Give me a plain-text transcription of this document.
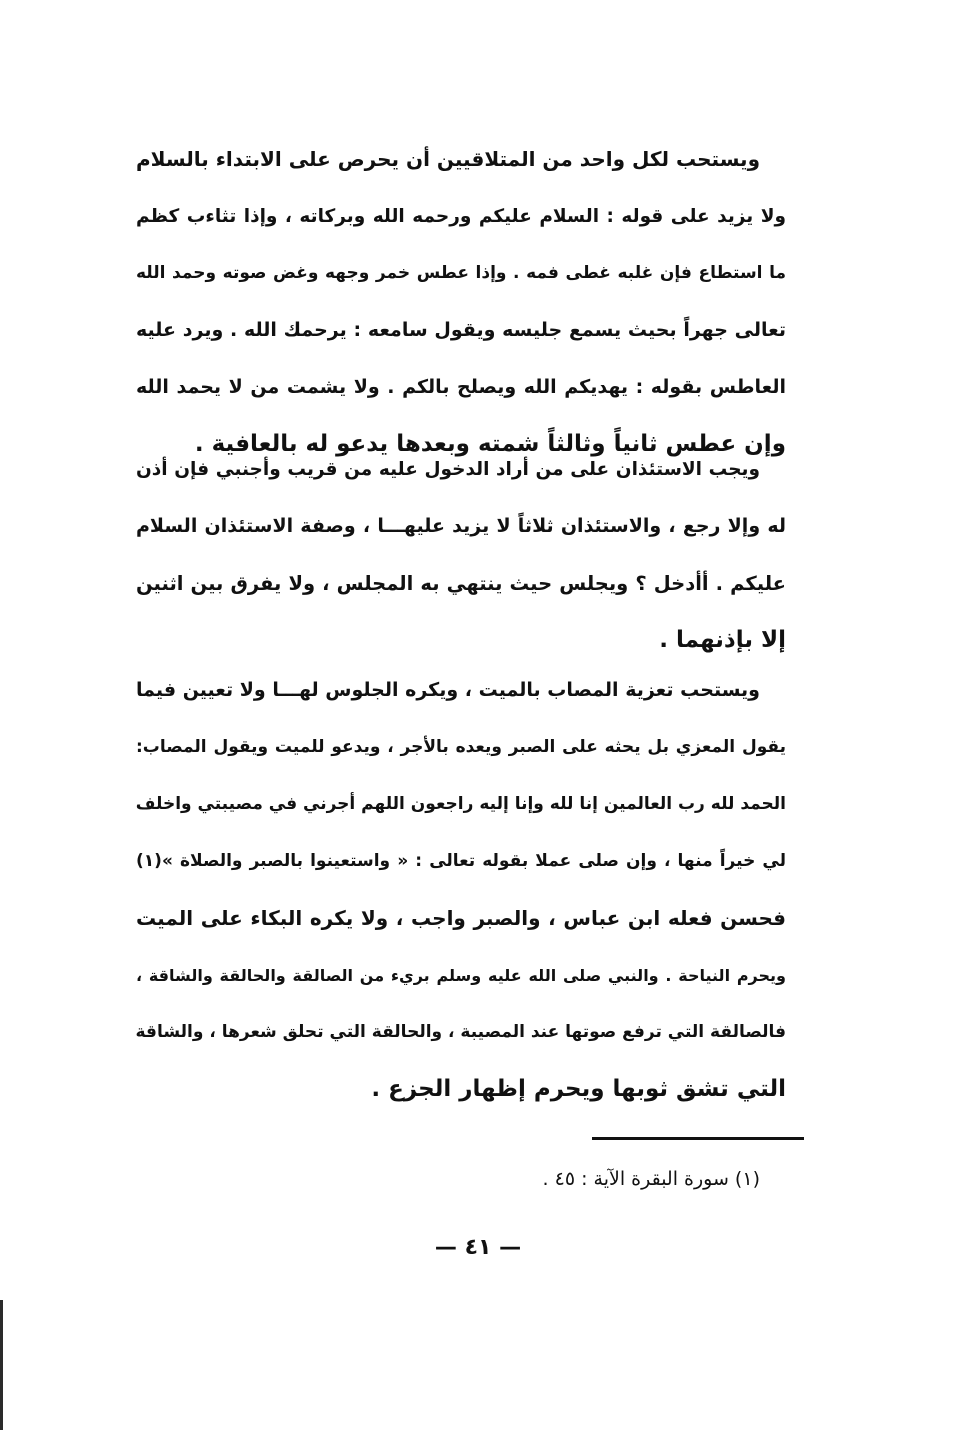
ويستحب لكل واحد من المتلاقيين أن يحرص على الابتداء بالسلام
ولا يزيد على قوله : السلام عليكم ورحمه الله وبركاته ، وإذا تثاءب كظم
ما استطاع فإن غلبه غطى فمه . وإذا عطس خمر وجهه وغض صوته وحمد الله
تعالى جهراً بحيث يسمع جليسه ويقول سامعه : يرحمك الله . ويرد عليه
العاطس بقوله : يهديكم الله ويصلح بالكم . ولا يشمت من لا يحمد الله
وإن عطس ثانياً وثالثاً شمته وبعدها يدعو له بالعافية .
ويجب الاستئذان على من أراد الدخول عليه من قريب وأجنبي فإن أذن
له وإلا رجع ، والاستئذان ثلاثاً لا يزيد عليهـــا ، وصفة الاستئذان السلام
عليكم . أأدخل ؟ ويجلس حيث ينتهي به المجلس ، ولا يفرق بين اثنين
إلا بإذنهما .
ويستحب تعزية المصاب بالميت ، ويكره الجلوس لهـــا ولا تعيين فيما
يقول المعزي بل يحثه على الصبر ويعده بالأجر ، ويدعو للميت ويقول المصاب:
الحمد لله رب العالمين إنا لله وإنا إليه راجعون اللهم أجرني في مصيبتي واخلف
لي خيراً منها ، وإن صلى عملا بقوله تعالى : « واستعينوا بالصبر والصلاة »(١)
فحسن فعله ابن عباس ، والصبر واجب ، ولا يكره البكاء على الميت
ويحرم النياحة . والنبي صلى الله عليه وسلم بريء من الصالقة والحالقة والشاقة ،
فالصالقة التي ترفع صوتها عند المصيبة ، والحالقة التي تحلق شعرها ، والشاقة
التي تشق ثوبها ويحرم إظهار الجزع .
(١) سورة البقرة الآية : ٤٥ .
— ٤١ —
